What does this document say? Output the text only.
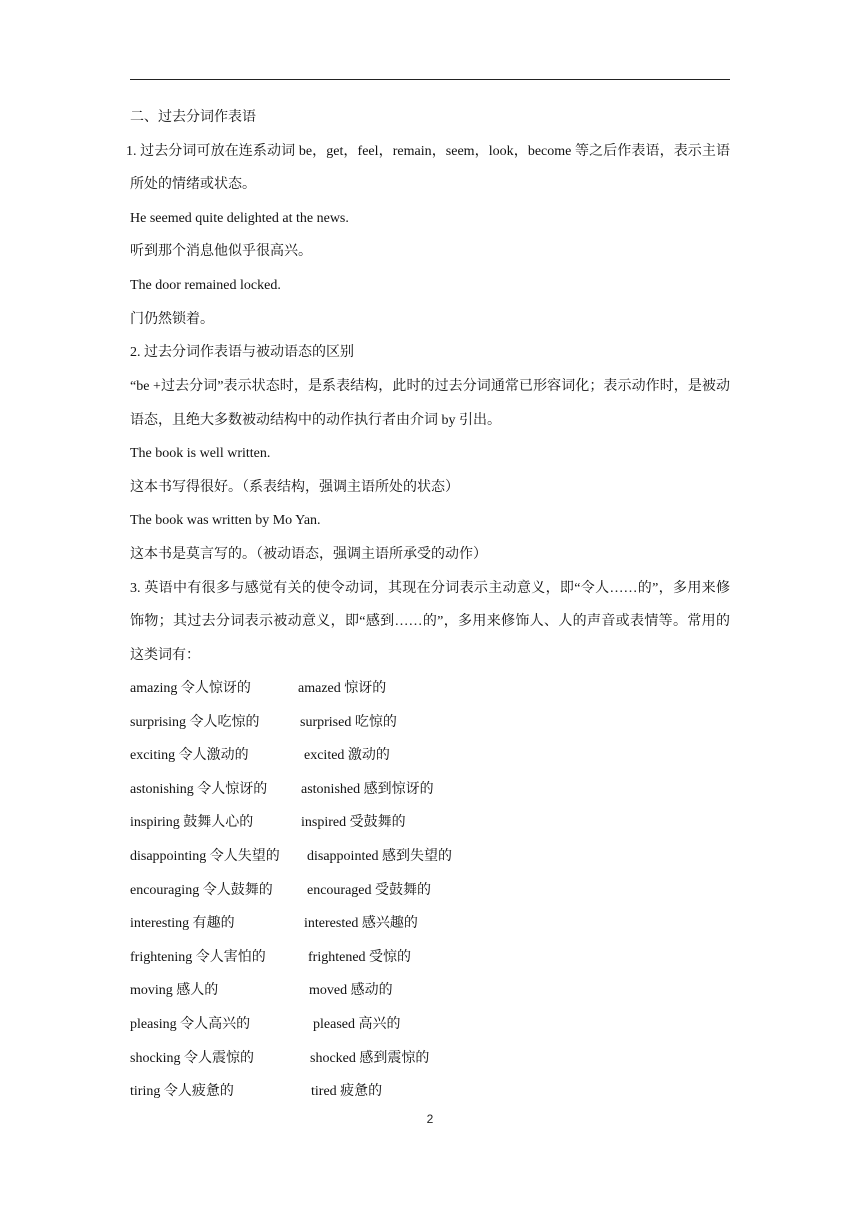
二、过去分词作表语
1. 过去分词可放在连系动词 be，get，feel，remain，seem，look，become 等之后作表语，表示主语所处的情绪或状态。
He seemed quite delighted at the news.
听到那个消息他似乎很高兴。
The door remained locked.
门仍然锁着。
2. 过去分词作表语与被动语态的区别
“be +过去分词”表示状态时，是系表结构，此时的过去分词通常已形容词化；表示动作时，是被动语态，且绝大多数被动结构中的动作执行者由介词 by 引出。
The book is well written.
这本书写得很好。（系表结构，强调主语所处的状态）
The book was written by Mo Yan.
这本书是莫言写的。（被动语态，强调主语所承受的动作）
3. 英语中有很多与感觉有关的使令动词，其现在分词表示主动意义，即“令人……的”，多用来修饰物；其过去分词表示被动意义，即“感到……的”，多用来修饰人、人的声音或表情等。常用的这类词有：
amazing 令人惊讶的	amazed 惊讶的
surprising 令人吃惊的	surprised 吃惊的
exciting 令人激动的	excited 激动的
astonishing 令人惊讶的	astonished 感到惊讶的
inspiring 鼓舞人心的	inspired 受鼓舞的
disappointing 令人失望的	disappointed 感到失望的
encouraging 令人鼓舞的	encouraged 受鼓舞的
interesting 有趣的	interested 感兴趣的
frightening 令人害怕的	frightened 受惊的
moving 感人的	moved 感动的
pleasing 令人高兴的	pleased 高兴的
shocking 令人震惊的	shocked 感到震惊的
tiring 令人疲惫的	tired 疲惫的
2
